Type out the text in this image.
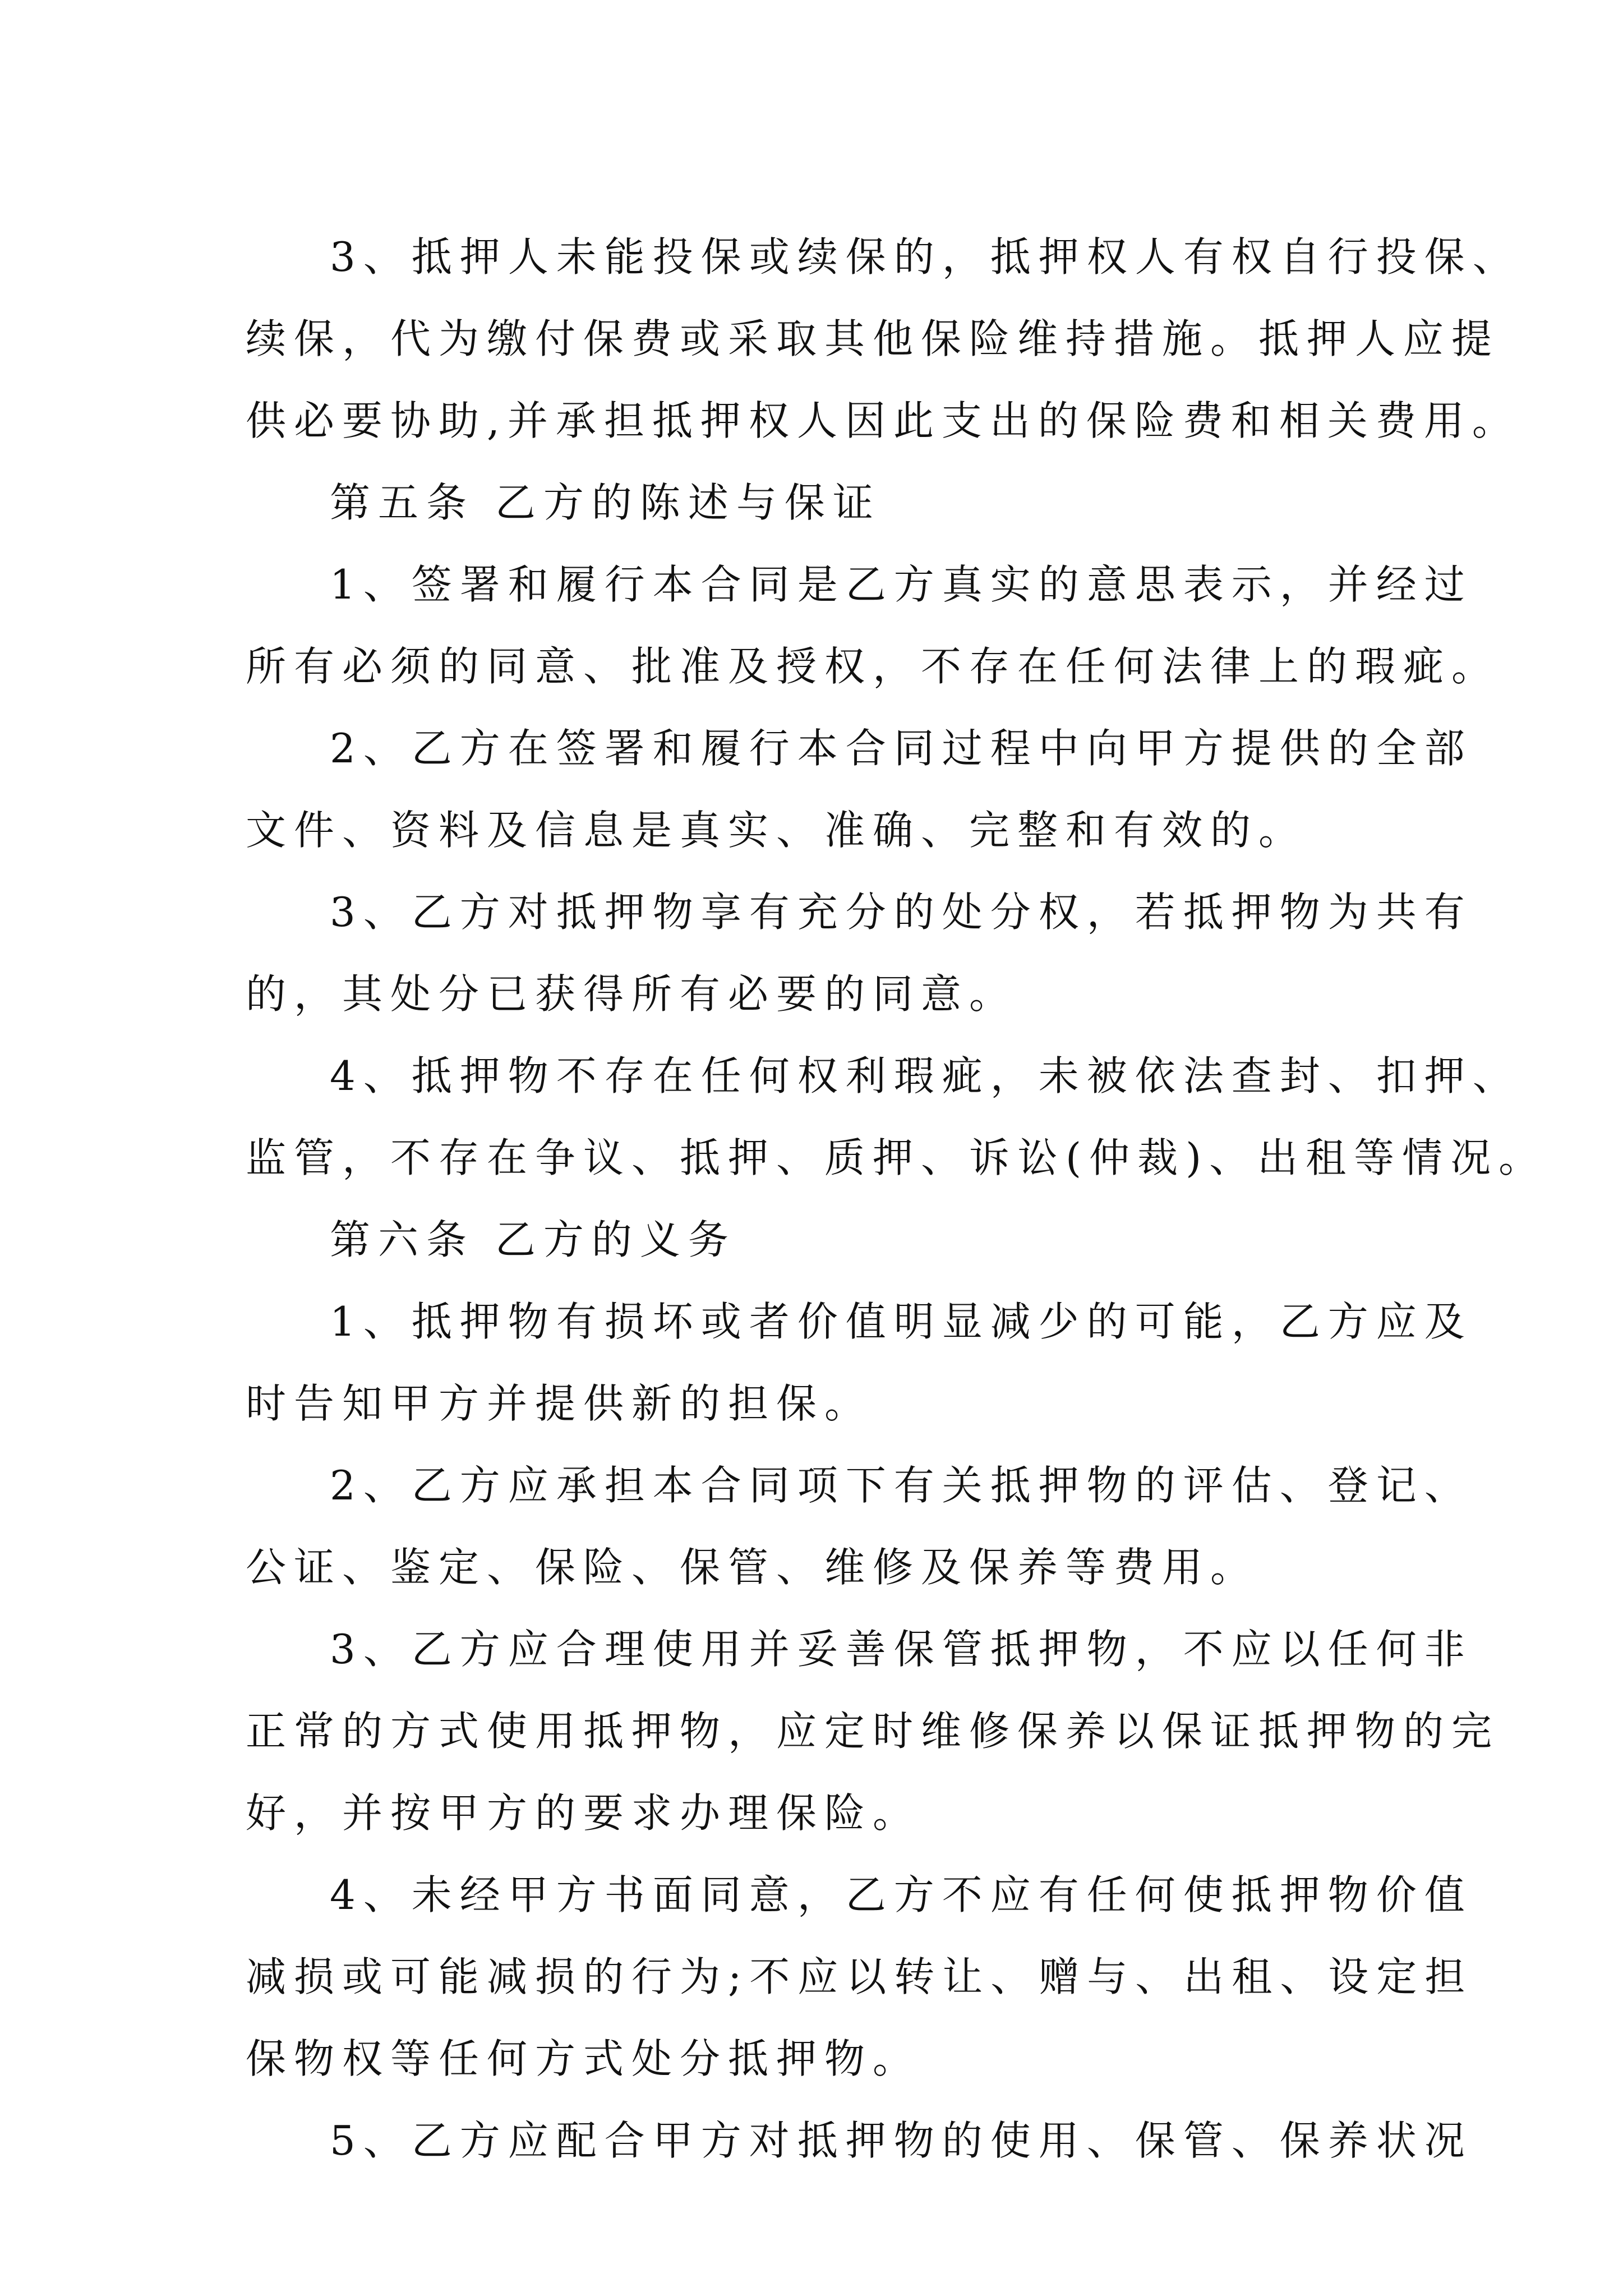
3、抵押人未能投保或续保的，抵押权人有权自行投保、
续保，代为缴付保费或采取其他保险维持措施。抵押人应提
供必要协助,并承担抵押权人因此支出的保险费和相关费用。
第五条 乙方的陈述与保证
1、签署和履行本合同是乙方真实的意思表示，并经过
所有必须的同意、批准及授权，不存在任何法律上的瑕疵。
2、乙方在签署和履行本合同过程中向甲方提供的全部
文件、资料及信息是真实、准确、完整和有效的。
3、乙方对抵押物享有充分的处分权，若抵押物为共有
的，其处分已获得所有必要的同意。
4、抵押物不存在任何权利瑕疵，未被依法查封、扣押、
监管，不存在争议、抵押、质押、诉讼(仲裁)、出租等情况。
第六条 乙方的义务
1、抵押物有损坏或者价值明显减少的可能，乙方应及
时告知甲方并提供新的担保。
2、乙方应承担本合同项下有关抵押物的评估、登记、
公证、鉴定、保险、保管、维修及保养等费用。
3、乙方应合理使用并妥善保管抵押物，不应以任何非
正常的方式使用抵押物，应定时维修保养以保证抵押物的完
好，并按甲方的要求办理保险。
4、未经甲方书面同意，乙方不应有任何使抵押物价值
减损或可能减损的行为;不应以转让、赠与、出租、设定担
保物权等任何方式处分抵押物。
5、乙方应配合甲方对抵押物的使用、保管、保养状况
